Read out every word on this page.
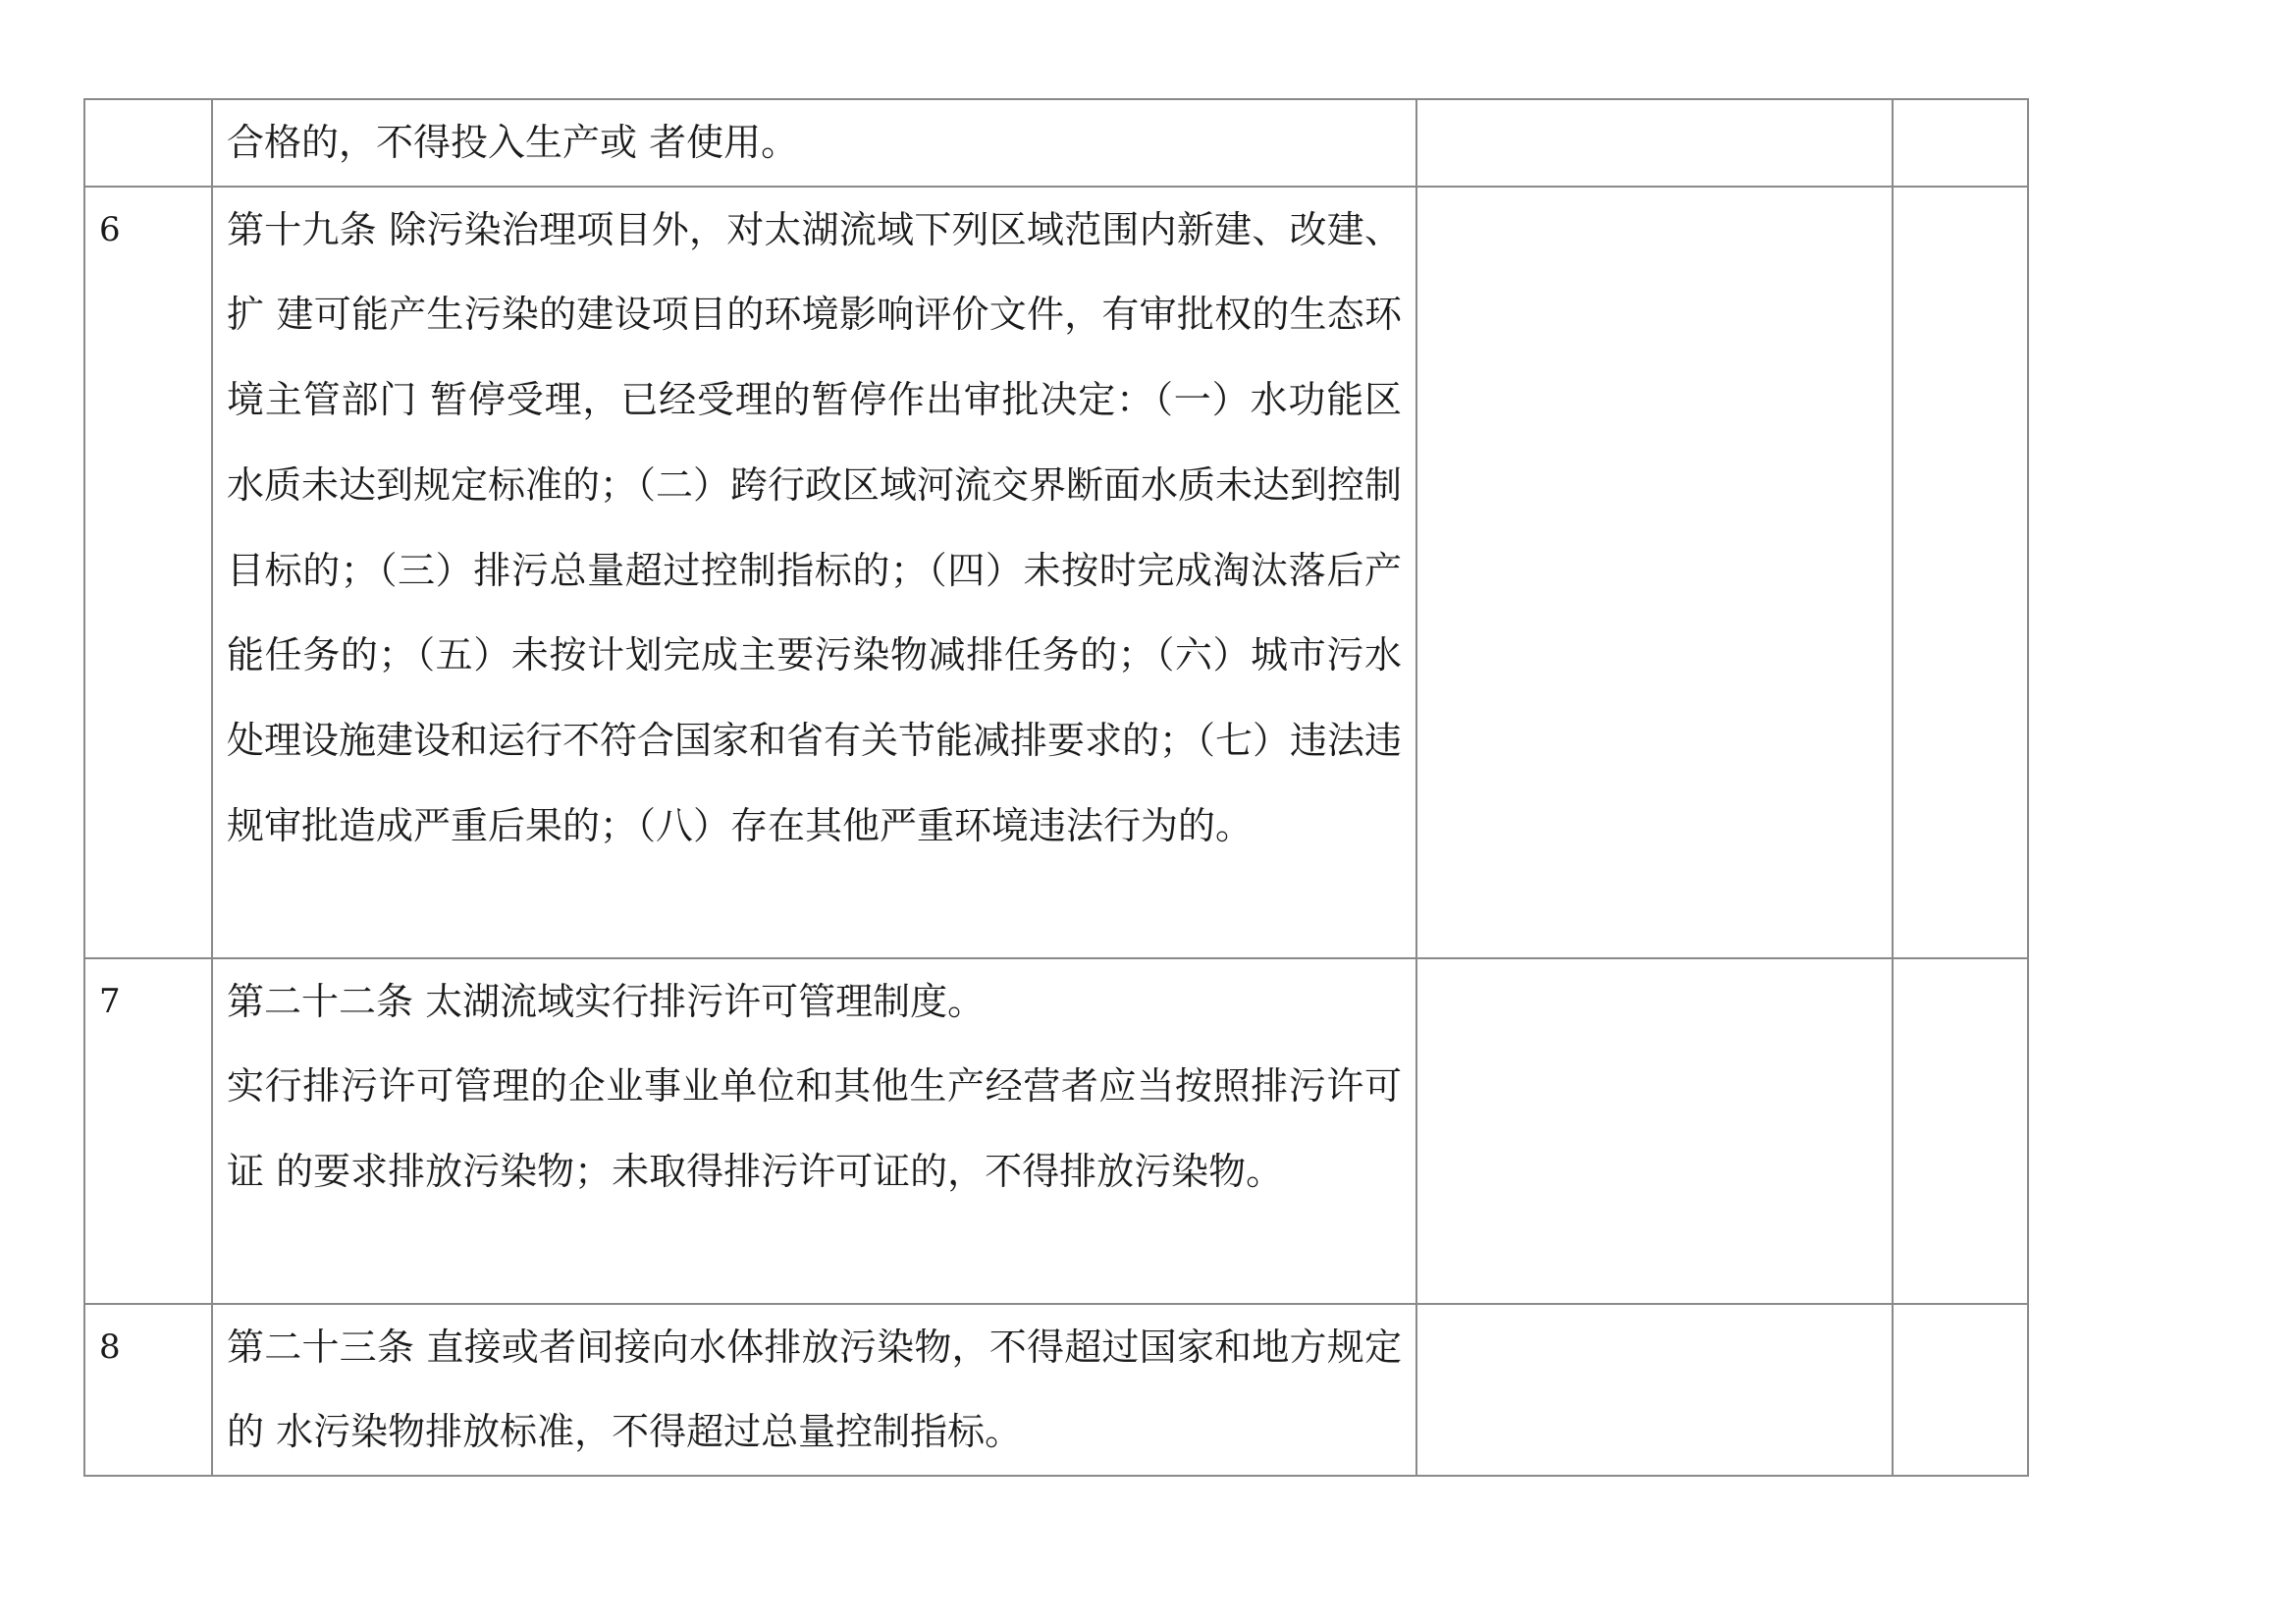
	合格的，不得投入生产或 者使用。		

6	第十九条 除污染治理项目外，对太湖流域下列区域范围内新建、改建、扩 建可能产生污染的建设项目的环境影响评价文件，有审批权的生态环境主管部门 暂停受理，已经受理的暂停作出审批决定：（一）水功能区水质未达到规定标准的；（二）跨行政区域河流交界断面水质未达到控制目标的；（三）排污总量超过控制指标的；（四）未按时完成淘汰落后产能任务的；（五）未按计划完成主要污染物减排任务的；（六）城市污水处理设施建设和运行不符合国家和省有关节能减排要求的；（七）违法违规审批造成严重后果的；（八）存在其他严重环境违法行为的。		

7	第二十二条 太湖流域实行排污许可管理制度。
实行排污许可管理的企业事业单位和其他生产经营者应当按照排污许可证 的要求排放污染物；未取得排污许可证的，不得排放污染物。		

8	第二十三条 直接或者间接向水体排放污染物，不得超过国家和地方规定的 水污染物排放标准，不得超过总量控制指标。		
